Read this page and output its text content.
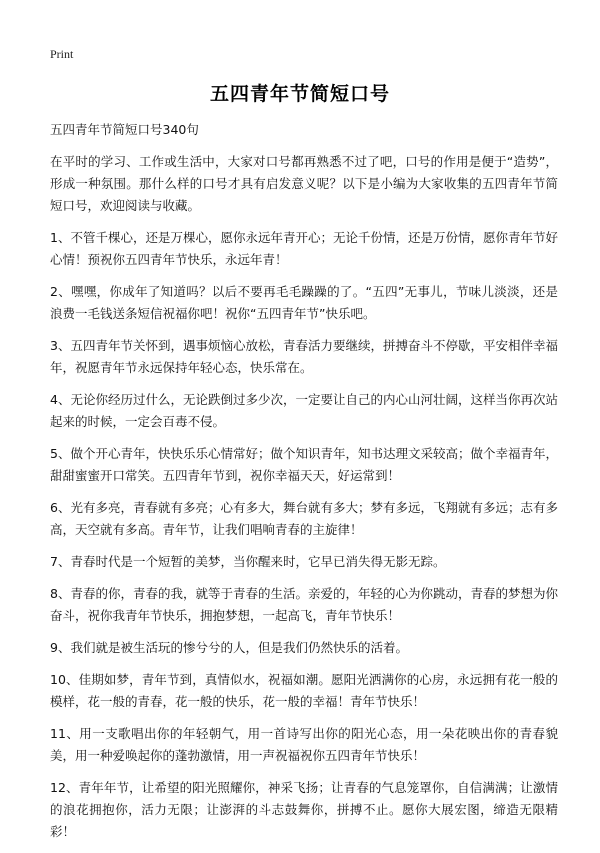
Print
五四青年节简短口号
五四青年节简短口号340句

在平时的学习、工作或生活中，大家对口号都再熟悉不过了吧，口号的作用是便于“造势”，形成一种氛围。那什么样的口号才具有启发意义呢？以下是小编为大家收集的五四青年节简短口号，欢迎阅读与收藏。

1、不管千棵心，还是万棵心，愿你永远年青开心；无论千份情，还是万份情，愿你青年节好心情！预祝你五四青年节快乐，永远年青！

2、嘿嘿，你成年了知道吗？以后不要再毛毛躁躁的了。“五四”无事儿，节味儿淡淡，还是浪费一毛钱送条短信祝福你吧！祝你“五四青年节”快乐吧。

3、五四青年节关怀到，遇事烦恼心放松，青春活力要继续，拼搏奋斗不停歇，平安相伴幸福年，祝愿青年节永远保持年轻心态，快乐常在。

4、无论你经历过什么，无论跌倒过多少次，一定要让自己的内心山河壮阔，这样当你再次站起来的时候，一定会百毒不侵。

5、做个开心青年，快快乐乐心情常好；做个知识青年，知书达理文采较高；做个幸福青年，甜甜蜜蜜开口常笑。五四青年节到，祝你幸福天天，好运常到！

6、光有多亮，青春就有多亮；心有多大，舞台就有多大；梦有多远，飞翔就有多远；志有多高，天空就有多高。青年节，让我们唱响青春的主旋律！

7、青春时代是一个短暂的美梦，当你醒来时，它早已消失得无影无踪。

8、青春的你，青春的我，就等于青春的生活。亲爱的，年轻的心为你跳动，青春的梦想为你奋斗，祝你我青年节快乐，拥抱梦想，一起高飞，青年节快乐！

9、我们就是被生活玩的惨兮兮的人，但是我们仍然快乐的活着。

10、佳期如梦，青年节到，真情似水，祝福如潮。愿阳光洒满你的心房，永远拥有花一般的模样，花一般的青春，花一般的快乐，花一般的幸福！青年节快乐！

11、用一支歌唱出你的年轻朝气，用一首诗写出你的阳光心态，用一朵花映出你的青春貌美，用一种爱唤起你的蓬勃激情，用一声祝福祝你五四青年节快乐！

12、青年年节，让希望的阳光照耀你，神采飞扬；让青春的气息笼罩你，自信满满；让激情的浪花拥抱你，活力无限；让澎湃的斗志鼓舞你，拼搏不止。愿你大展宏图，缔造无限精彩！
